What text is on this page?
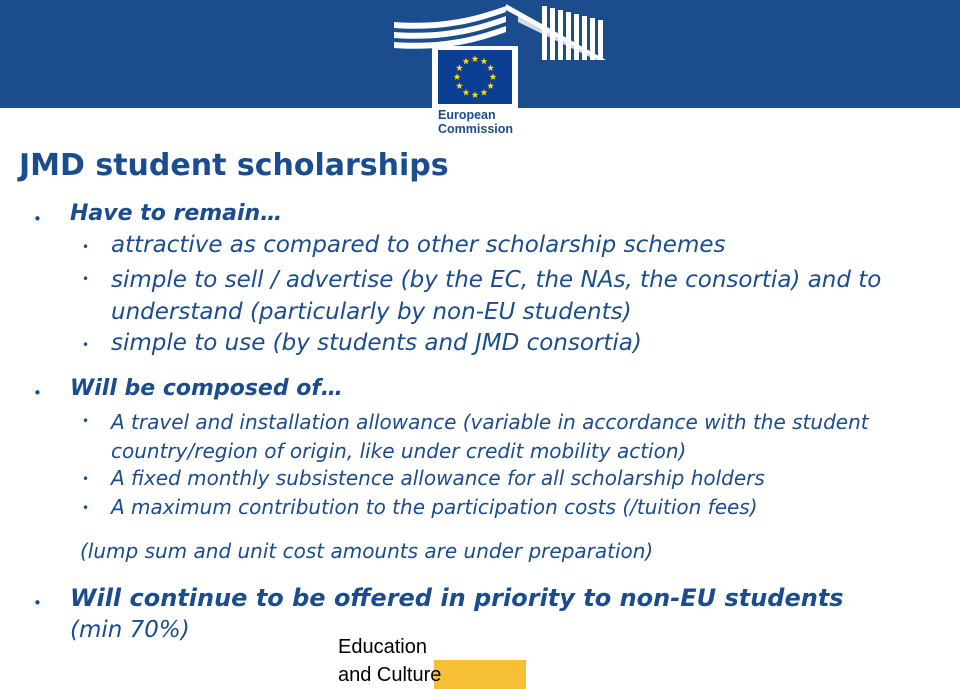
European
Commission
JMD student scholarships
• Have to remain…

• attractive as compared to other scholarship schemes

• simple to sell / advertise (by the EC, the NAs, the consortia) and to understand (particularly by non-EU students)

• simple to use (by students and JMD consortia)

• Will be composed of…

• A travel and installation allowance (variable in accordance with the student country/region of origin, like under credit mobility action)

• A fixed monthly subsistence allowance for all scholarship holders

• A maximum contribution to the participation costs (/tuition fees)

(lump sum and unit cost amounts are under preparation)

• Will continue to be offered in priority to non-EU students

(min 70%)

Education
and Culture
